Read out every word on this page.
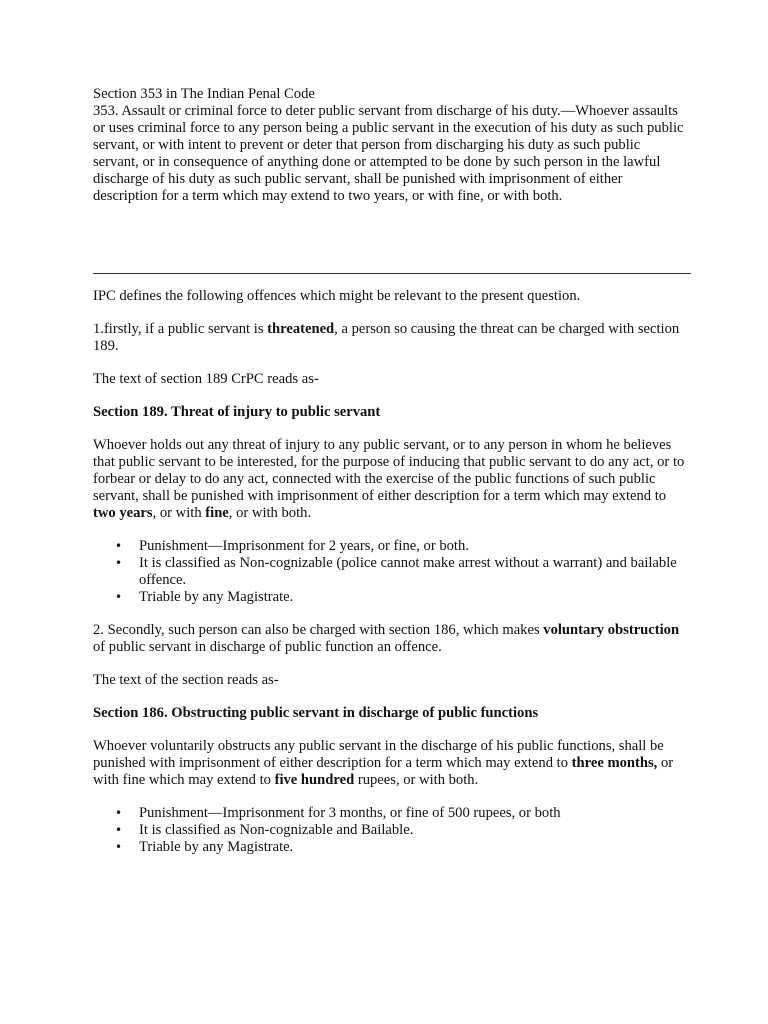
Section 353 in The Indian Penal Code

353. Assault or criminal force to deter public servant from discharge of his duty.—Whoever assaults or uses criminal force to any person being a public servant in the execution of his duty as such public servant, or with intent to prevent or deter that person from discharging his duty as such public servant, or in consequence of anything done or attempted to be done by such person in the lawful discharge of his duty as such public servant, shall be punished with imprisonment of either description for a term which may extend to two years, or with fine, or with both.

IPC defines the following offences which might be relevant to the present question.

1.firstly, if a public servant is threatened, a person so causing the threat can be charged with section 189.

The text of section 189 CrPC reads as-

Section 189. Threat of injury to public servant

Whoever holds out any threat of injury to any public servant, or to any person in whom he believes that public servant to be interested, for the purpose of inducing that public servant to do any act, or to forbear or delay to do any act, connected with the exercise of the public functions of such public servant, shall be punished with imprisonment of either description for a term which may extend to two years, or with fine, or with both.

• Punishment—Imprisonment for 2 years, or fine, or both.
• It is classified as Non-cognizable (police cannot make arrest without a warrant) and bailable offence.
• Triable by any Magistrate.

2. Secondly, such person can also be charged with section 186, which makes voluntary obstruction of public servant in discharge of public function an offence.

The text of the section reads as-

Section 186. Obstructing public servant in discharge of public functions

Whoever voluntarily obstructs any public servant in the discharge of his public functions, shall be punished with imprisonment of either description for a term which may extend to three months, or with fine which may extend to five hundred rupees, or with both.

• Punishment—Imprisonment for 3 months, or fine of 500 rupees, or both
• It is classified as Non-cognizable and Bailable.
• Triable by any Magistrate.
